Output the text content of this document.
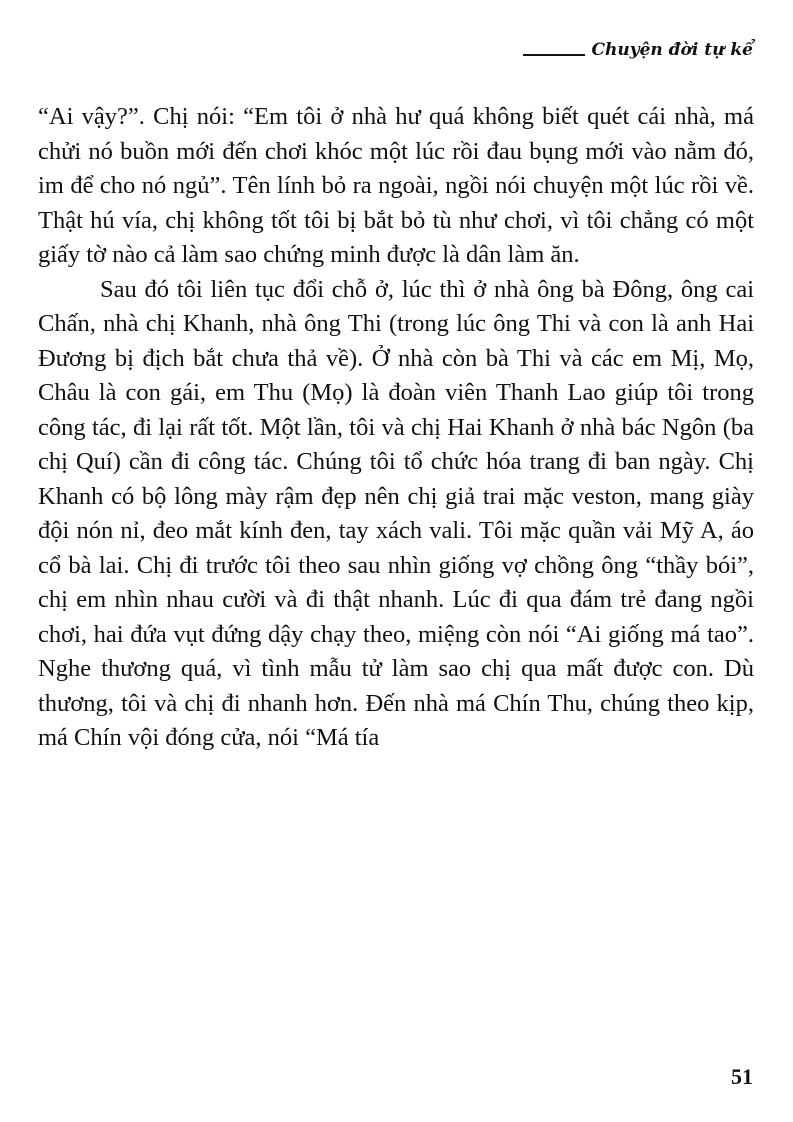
Chuyện đời tự kể

“Ai vậy?”. Chị nói: “Em tôi ở nhà hư quá không biết quét cái nhà, má chửi nó buồn mới đến chơi khóc một lúc rồi đau bụng mới vào nằm đó, im để cho nó ngủ”. Tên lính bỏ ra ngoài, ngồi nói chuyện một lúc rồi về. Thật hú vía, chị không tốt tôi bị bắt bỏ tù như chơi, vì tôi chẳng có một giấy tờ nào cả làm sao chứng minh được là dân làm ăn.

Sau đó tôi liên tục đổi chỗ ở, lúc thì ở nhà ông bà Đông, ông cai Chấn, nhà chị Khanh, nhà ông Thi (trong lúc ông Thi và con là anh Hai Đương bị địch bắt chưa thả về). Ở nhà còn bà Thi và các em Mị, Mọ, Châu là con gái, em Thu (Mọ) là đoàn viên Thanh Lao giúp tôi trong công tác, đi lại rất tốt. Một lần, tôi và chị Hai Khanh ở nhà bác Ngôn (ba chị Quí) cần đi công tác. Chúng tôi tổ chức hóa trang đi ban ngày. Chị Khanh có bộ lông mày rậm đẹp nên chị giả trai mặc veston, mang giày đội nón nỉ, đeo mắt kính đen, tay xách vali. Tôi mặc quần vải Mỹ A, áo cổ bà lai. Chị đi trước tôi theo sau nhìn giống vợ chồng ông “thầy bói”, chị em nhìn nhau cười và đi thật nhanh. Lúc đi qua đám trẻ đang ngồi chơi, hai đứa vụt đứng dậy chạy theo, miệng còn nói “Ai giống má tao”. Nghe thương quá, vì tình mẫu tử làm sao chị qua mất được con. Dù thương, tôi và chị đi nhanh hơn. Đến nhà má Chín Thu, chúng theo kịp, má Chín vội đóng cửa, nói “Má tía

51
